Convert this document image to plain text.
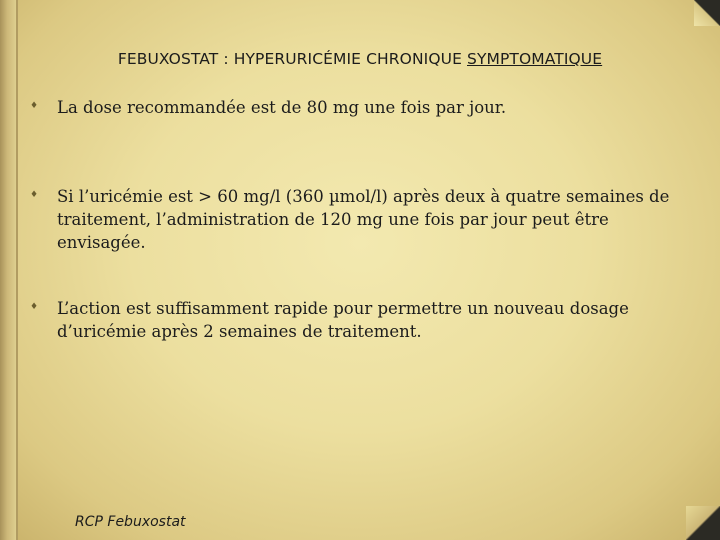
FEBUXOSTAT : HYPERURICÉMIE CHRONIQUE SYMPTOMATIQUE
♦	La dose recommandée est de 80 mg une fois par jour.
♦	Si l’uricémie est > 60 mg/l (360 µmol/l) après deux à quatre semaines de traitement, l’administration de 120 mg une fois par jour peut être envisagée.
♦	L’action est suffisamment rapide pour permettre un nouveau dosage d’uricémie après 2 semaines de traitement.
RCP Febuxostat
